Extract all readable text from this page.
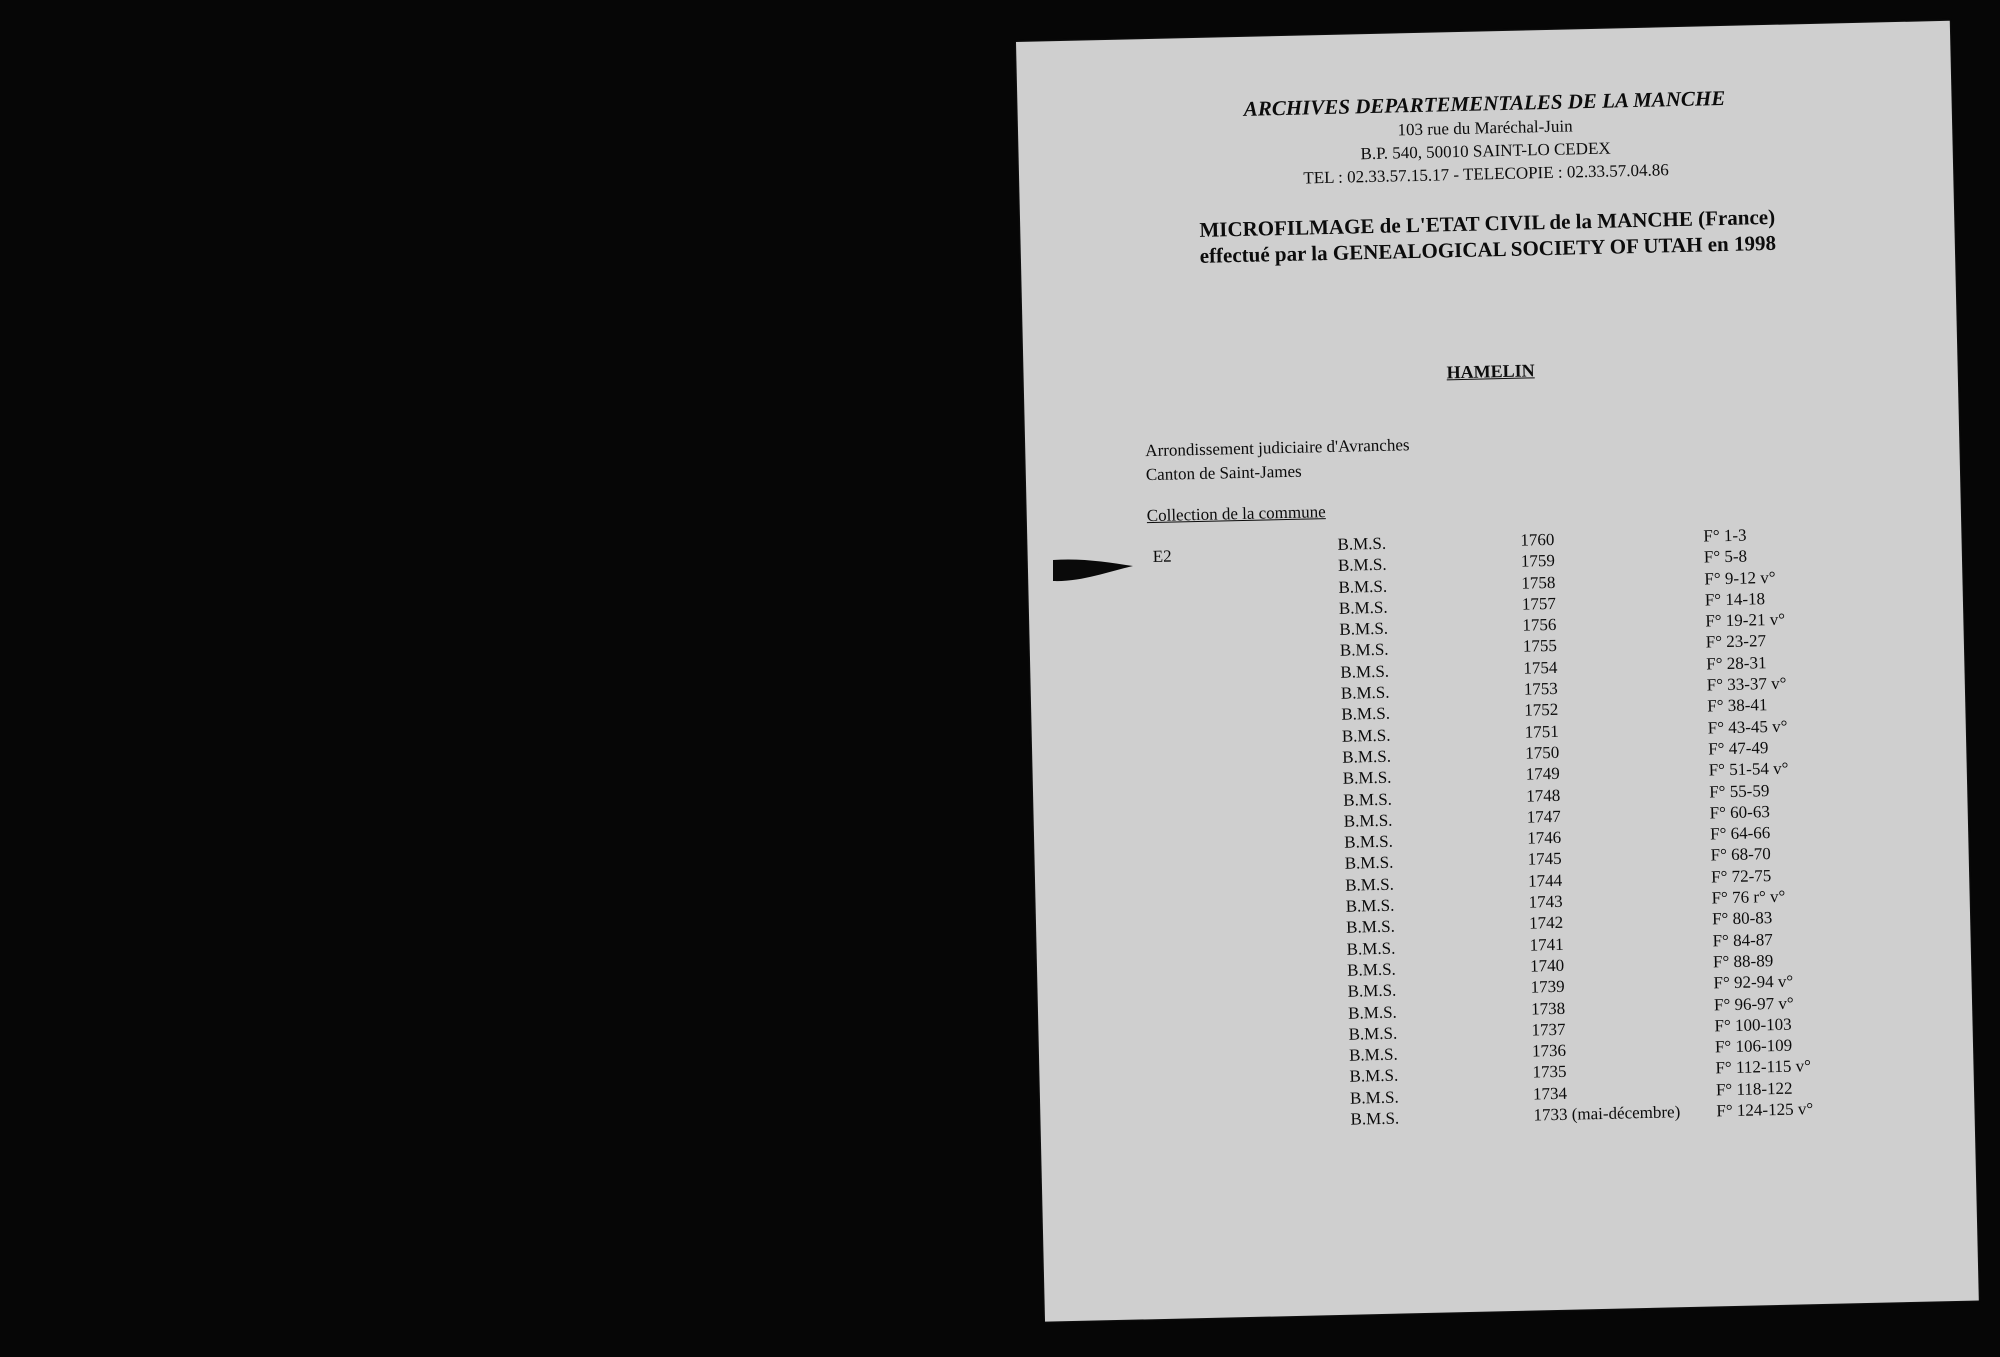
ARCHIVES DEPARTEMENTALES DE LA MANCHE
103 rue du Maréchal-Juin
B.P. 540, 50010 SAINT-LO CEDEX
TEL : 02.33.57.15.17 - TELECOPIE : 02.33.57.04.86
MICROFILMAGE de L'ETAT CIVIL de la MANCHE (France)
effectué par la GENEALOGICAL SOCIETY OF UTAH en 1998
HAMELIN
Arrondissement judiciaire d'Avranches
Canton de Saint-James
Collection de la commune
E2
B.M.S.	1760	F° 1-3
B.M.S.	1759	F° 5-8
B.M.S.	1758	F° 9-12 v°
B.M.S.	1757	F° 14-18
B.M.S.	1756	F° 19-21 v°
B.M.S.	1755	F° 23-27
B.M.S.	1754	F° 28-31
B.M.S.	1753	F° 33-37 v°
B.M.S.	1752	F° 38-41
B.M.S.	1751	F° 43-45 v°
B.M.S.	1750	F° 47-49
B.M.S.	1749	F° 51-54 v°
B.M.S.	1748	F° 55-59
B.M.S.	1747	F° 60-63
B.M.S.	1746	F° 64-66
B.M.S.	1745	F° 68-70
B.M.S.	1744	F° 72-75
B.M.S.	1743	F° 76 r° v°
B.M.S.	1742	F° 80-83
B.M.S.	1741	F° 84-87
B.M.S.	1740	F° 88-89
B.M.S.	1739	F° 92-94 v°
B.M.S.	1738	F° 96-97 v°
B.M.S.	1737	F° 100-103
B.M.S.	1736	F° 106-109
B.M.S.	1735	F° 112-115 v°
B.M.S.	1734	F° 118-122
B.M.S.	1733 (mai-décembre) F° 124-125 v°
